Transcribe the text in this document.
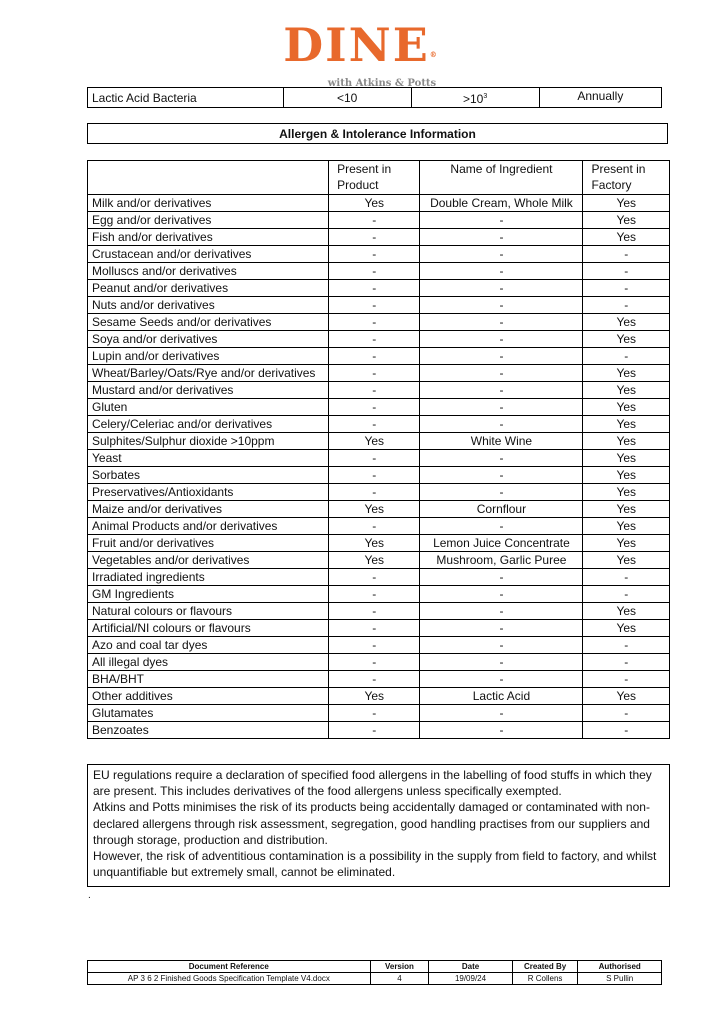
DINE®
with Atkins & Potts
Lactic Acid Bacteria	<10	$>10^3$	Annually
Allergen & Intolerance Information
	Present in Product	Name of Ingredient	Present in Factory
Milk and/or derivatives	Yes	Double Cream, Whole Milk	Yes
Egg and/or derivatives	-	-	Yes
Fish and/or derivatives	-	-	Yes
Crustacean and/or derivatives	-	-	-
Molluscs and/or derivatives	-	-	-
Peanut and/or derivatives	-	-	-
Nuts and/or derivatives	-	-	-
Sesame Seeds and/or derivatives	-	-	Yes
Soya and/or derivatives	-	-	Yes
Lupin and/or derivatives	-	-	-
Wheat/Barley/Oats/Rye and/or derivatives	-	-	Yes
Mustard and/or derivatives	-	-	Yes
Gluten	-	-	Yes
Celery/Celeriac and/or derivatives	-	-	Yes
Sulphites/Sulphur dioxide >10ppm	Yes	White Wine	Yes
Yeast	-	-	Yes
Sorbates	-	-	Yes
Preservatives/Antioxidants	-	-	Yes
Maize and/or derivatives	Yes	Cornflour	Yes
Animal Products and/or derivatives	-	-	Yes
Fruit and/or derivatives	Yes	Lemon Juice Concentrate	Yes
Vegetables and/or derivatives	Yes	Mushroom, Garlic Puree	Yes
Irradiated ingredients	-	-	-
GM Ingredients	-	-	-
Natural colours or flavours	-	-	Yes
Artificial/NI colours or flavours	-	-	Yes
Azo and coal tar dyes	-	-	-
All illegal dyes	-	-	-
BHA/BHT	-	-	-
Other additives	Yes	Lactic Acid	Yes
Glutamates	-	-	-
Benzoates	-	-	-

EU regulations require a declaration of specified food allergens in the labelling of food stuffs in which they are present. This includes derivatives of the food allergens unless specifically exempted.

Atkins and Potts minimises the risk of its products being accidentally damaged or contaminated with non-declared allergens through risk assessment, segregation, good handling practises from our suppliers and through storage, production and distribution.

However, the risk of adventitious contamination is a possibility in the supply from field to factory, and whilst unquantifiable but extremely small, cannot be eliminated.

.
Document Reference	Version	Date	Created By	Authorised
AP 3 6 2 Finished Goods Specification Template V4.docx	4	19/09/24	R Collens	S Pullin
